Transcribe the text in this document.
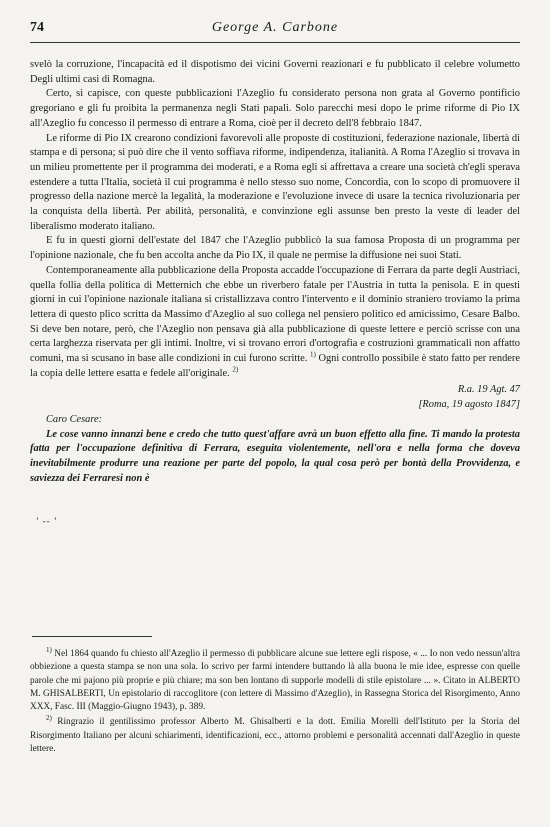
74	George A. Carbone

svelò la corruzione, l'incapacità ed il dispotismo dei vicini Governi reazionari e fu pubblicato il celebre volumetto Degli ultimi casi di Romagna.

Certo, si capisce, con queste pubblicazioni l'Azeglio fu considerato persona non grata al Governo pontificio gregoriano e gli fu proibita la permanenza negli Stati papali. Solo parecchi mesi dopo le prime riforme di Pio IX all'Azeglio fu concesso il permesso di entrare a Roma, cioè per il decreto dell'8 febbraio 1847.

Le riforme di Pio IX crearono condizioni favorevoli alle proposte di costituzioni, federazione nazionale, libertà di stampa e di persona; si può dire che il vento soffiava riforme, indipendenza, italianità. A Roma l'Azeglio si trovava in un milieu promettente per il programma dei moderati, e a Roma egli si affrettava a creare una società ch'egli sperava estendere a tutta l'Italia, società il cui programma è nello stesso suo nome, Concordia, con lo scopo di promuovere il progresso della nazione mercè la legalità, la moderazione e l'evoluzione invece di usare la tecnica rivoluzionaria per la conquista della libertà. Per abilità, personalità, e convinzione egli assunse ben presto la veste di leader del liberalismo moderato italiano.

E fu in questi giorni dell'estate del 1847 che l'Azeglio pubblicò la sua famosa Proposta di un programma per l'opinione nazionale, che fu ben accolta anche da Pio IX, il quale ne permise la diffusione nei suoi Stati.

Contemporaneamente alla pubblicazione della Proposta accadde l'occupazione di Ferrara da parte degli Austriaci, quella follia della politica di Metternich che ebbe un riverbero fatale per l'Austria in tutta la penisola. E in questi giorni in cui l'opinione nazionale italiana si cristallizzava contro l'intervento e il dominio straniero troviamo la prima lettera di questo plico scritta da Massimo d'Azeglio al suo collega nel pensiero politico ed amicissimo, Cesare Balbo. Si deve ben notare, però, che l'Azeglio non pensava già alla pubblicazione di queste lettere e perciò scrisse con una certa larghezza riservata per gli intimi. Inoltre, vi si trovano errori d'ortografia e costruzioni grammaticali non affatto comuni, ma si scusano in base alle condizioni in cui furono scritte. $^{1)}$ Ogni controllo possibile è stato fatto per rendere la copia delle lettere esatta e fedele all'originale. $^{2)}$

R.a. 19 Agt. 47
[Roma, 19 agosto 1847]

Caro Cesare:

Le cose vanno innanzi bene e credo che tutto quest'affare avrà un buon effetto alla fine. Ti mando la protesta fatta per l'occupazione definitiva di Ferrara, eseguita violentemente, nell'ora e nella forma che doveva inevitabilmente produrre una reazione per parte del popolo, la qual cosa però per bontà della Provvidenza, e saviezza dei Ferraresi non è

’ ‐‐ ’

$^{1)}$ Nel 1864 quando fu chiesto all'Azeglio il permesso di pubblicare alcune sue lettere egli rispose, « ... Io non vedo nessun'altra obbiezione a questa stampa se non una sola. Io scrivo per farmi intendere buttando là alla buona le mie idee, espresse con quelle parole che mi pajono più proprie e più chiare; ma son ben lontano di supporle modelli di stile epistolare ... ». Citato in ALBERTO M. GHISALBERTI, Un epistolario di raccoglitore (con lettere di Massimo d'Azeglio), in Rassegna Storica del Risorgimento, Anno XXX, Fasc. III (Maggio-Giugno 1943), p. 389.

$^{2)}$ Ringrazio il gentilissimo professor Alberto M. Ghisalberti e la dott. Emilia Morelli dell'Istituto per la Storia del Risorgimento Italiano per alcuni schiarimenti, identificazioni, ecc., attorno problemi e personalità accennati dall'Azeglio in queste lettere.
